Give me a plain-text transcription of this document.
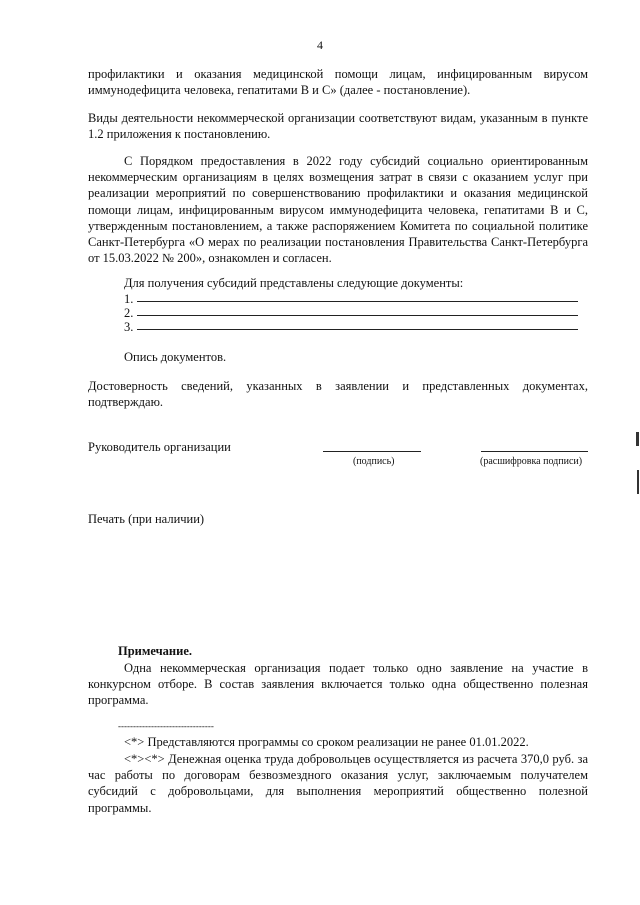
4

профилактики и оказания медицинской помощи лицам, инфицированным вирусом иммунодефицита человека, гепатитами В и С» (далее - постановление).

Виды деятельности некоммерческой организации соответствуют видам, указанным в пункте 1.2 приложения к постановлению.

С Порядком предоставления в 2022 году субсидий социально ориентированным некоммерческим организациям в целях возмещения затрат в связи с оказанием услуг при реализации мероприятий по совершенствованию профилактики и оказания медицинской помощи лицам, инфицированным вирусом иммунодефицита человека, гепатитами В и С, утвержденным постановлением, а также распоряжением Комитета по социальной политике Санкт-Петербурга «О мерах по реализации постановления Правительства Санкт-Петербурга от 15.03.2022 № 200», ознакомлен и согласен.

Для получения субсидий представлены следующие документы:
1.
2.
3.
Опись документов.

Достоверность сведений, указанных в заявлении и представленных документах, подтверждаю.

Руководитель организации
(подпись)	(расшифровка подписи)
Печать (при наличии)
Примечание.

Одна некоммерческая организация подает только одно заявление на участие в конкурсном отборе. В состав заявления включается только одна общественно полезная программа.

--------------------------------

<*> Представляются программы со сроком реализации не ранее 01.01.2022.

<*><*> Денежная оценка труда добровольцев осуществляется из расчета 370,0 руб. за час работы по договорам безвозмездного оказания услуг, заключаемым получателем субсидий с добровольцами, для выполнения мероприятий общественно полезной программы.
